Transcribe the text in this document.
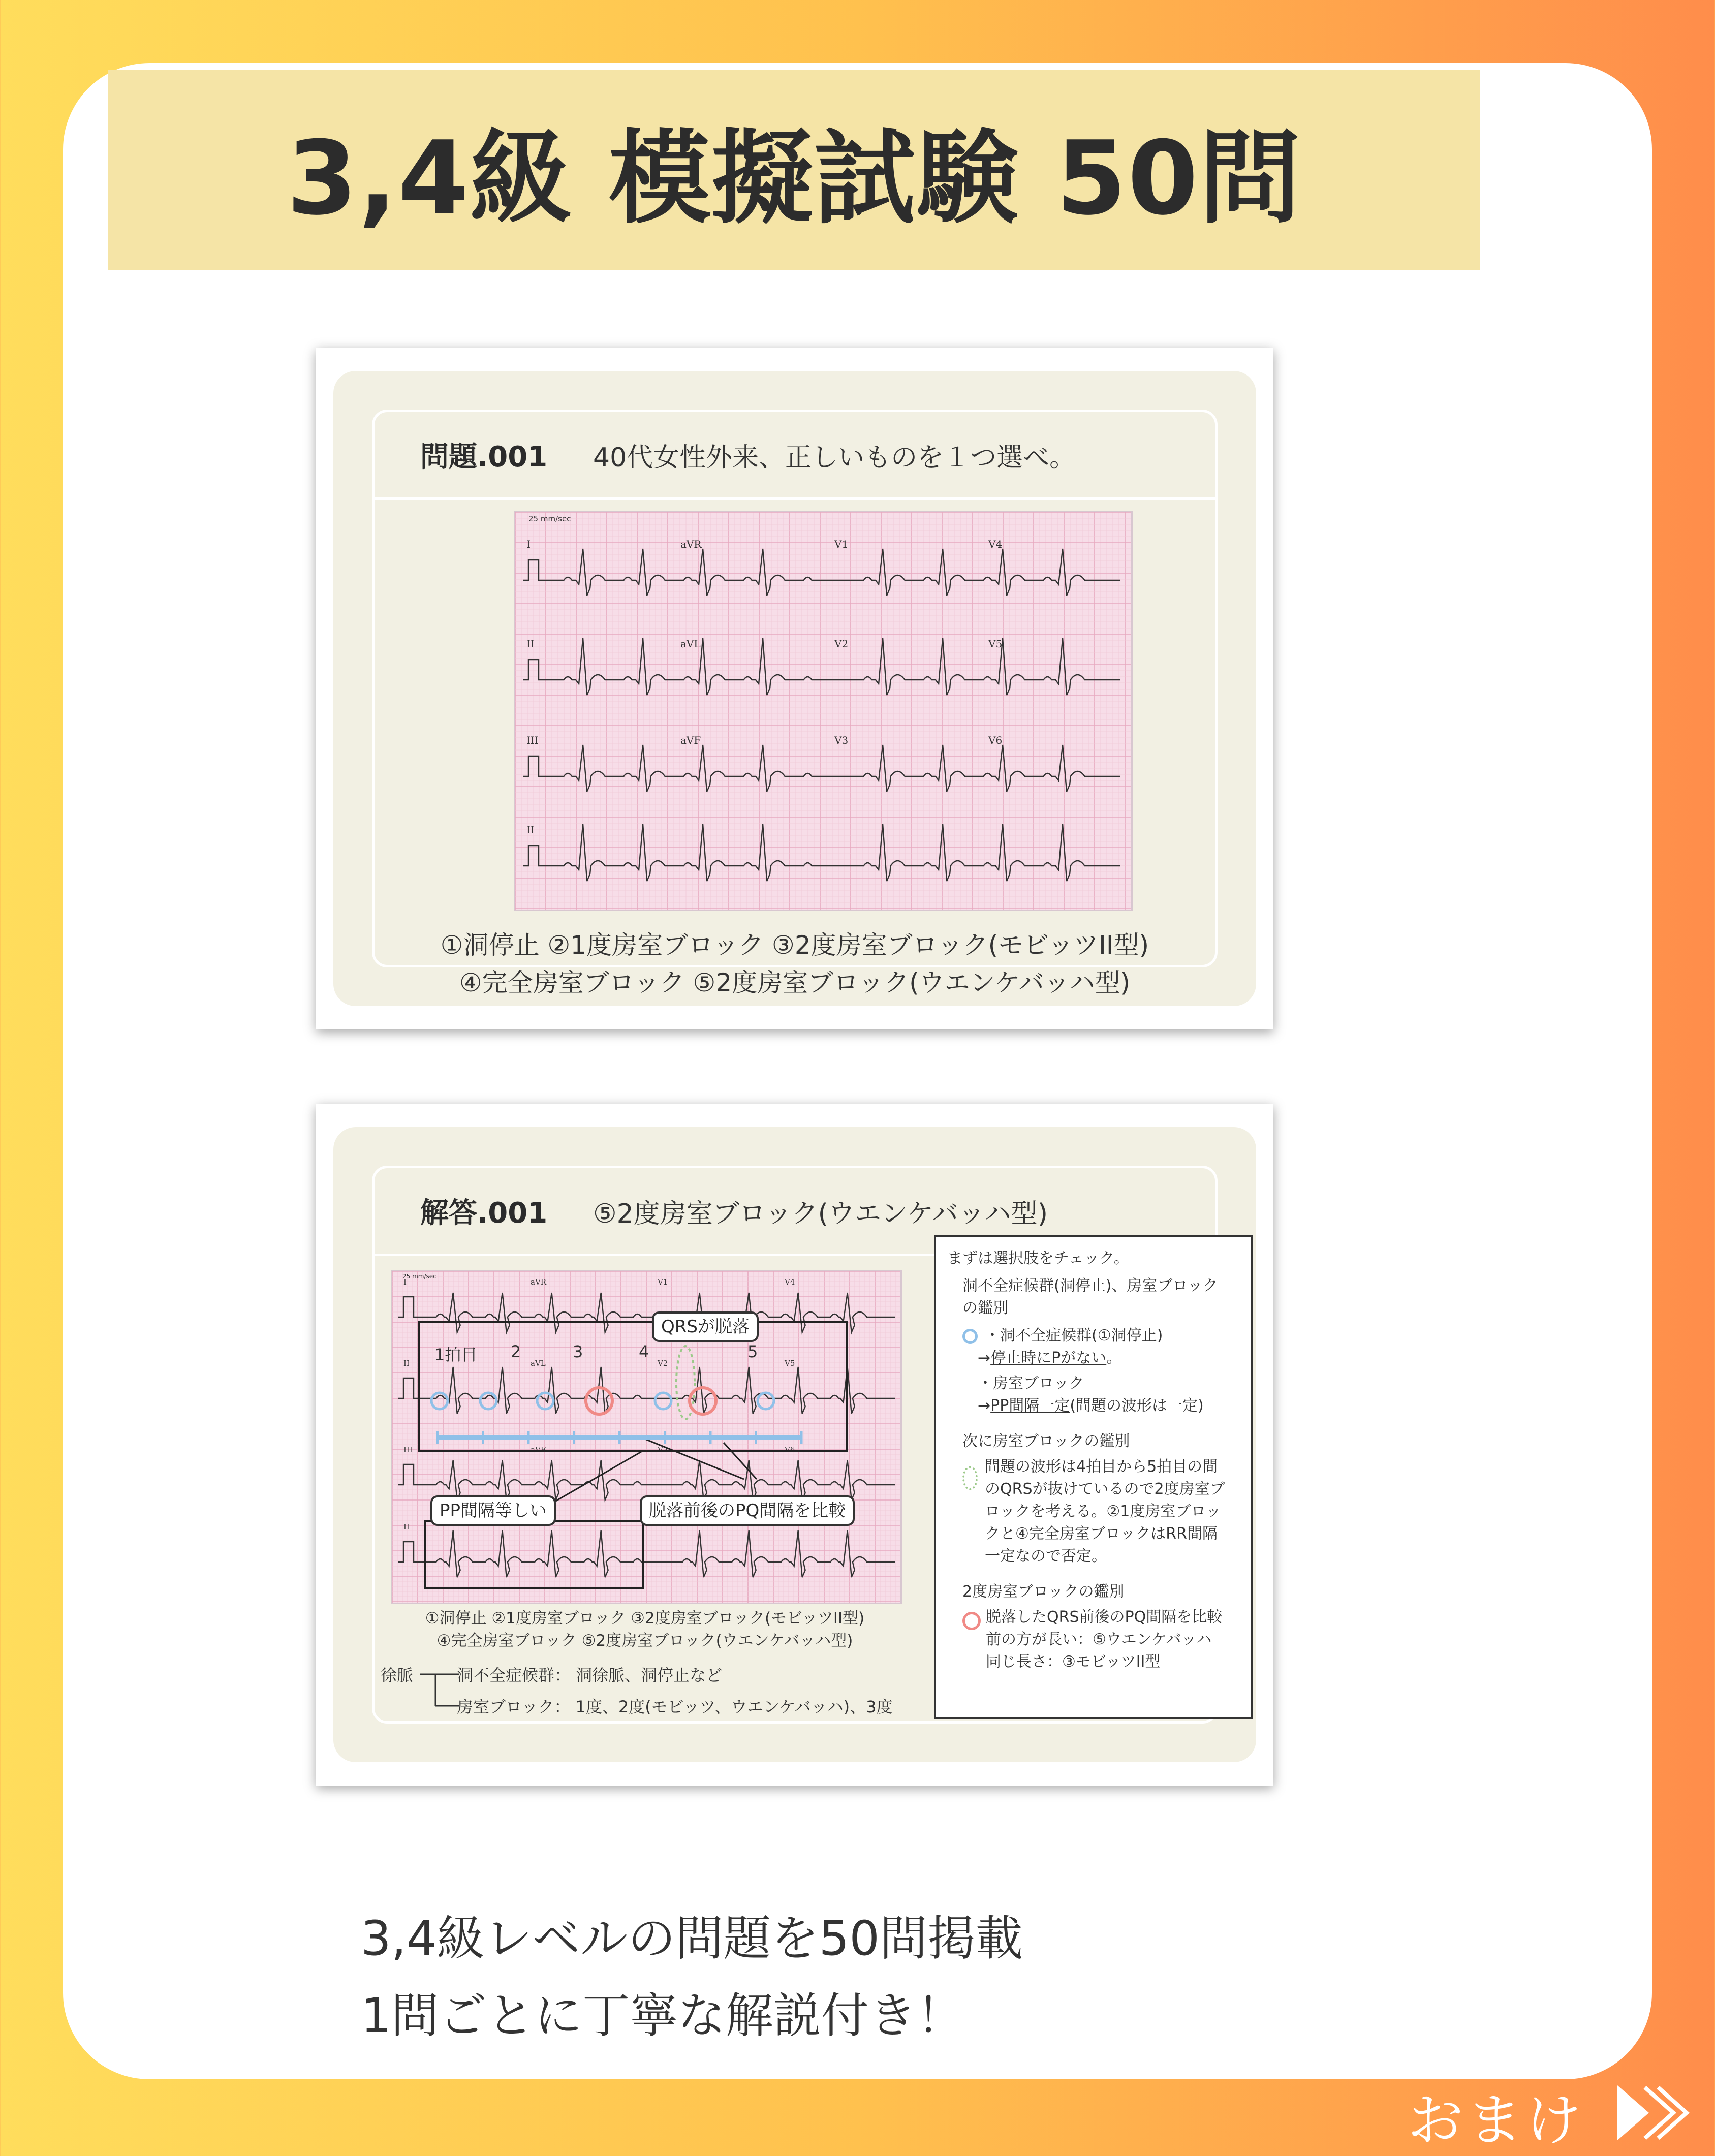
3,4級 模擬試験 50問
問題.001	40代女性外来、正しいものを１つ選べ。
I	aVR	V1	V4
II	aVL	V2	V5
III	aVF	V3	V6
II
25 mm/sec
①洞停止 ②1度房室ブロック ③2度房室ブロック(モビッツII型)
④完全房室ブロック ⑤2度房室ブロック(ウエンケバッハ型)
解答.001	⑤2度房室ブロック(ウエンケバッハ型)
I	aVR	V1	V4
II	aVL	V2	V5
III	aVF	V3	V6
II
25 mm/sec
QRSが脱落
PP間隔等しい	脱落前後のPQ間隔を比較
1拍目 2	3	4	5
①洞停止 ②1度房室ブロック ③2度房室ブロック(モビッツII型)
④完全房室ブロック ⑤2度房室ブロック(ウエンケバッハ型)
徐脈	洞不全症候群： 洞徐脈、洞停止など
房室ブロック： 1度、2度(モビッツ、ウエンケバッハ)、3度

まずは選択肢をチェック。

洞不全症候群(洞停止)、房室ブロック

の鑑別

・洞不全症候群(①洞停止)

→停止時にPがない。

・房室ブロック

→PP間隔一定(問題の波形は一定)

次に房室ブロックの鑑別

問題の波形は4拍目から5拍目の間

のQRSが抜けているので2度房室ブ

ロックを考える。②1度房室ブロッ

クと④完全房室ブロックはRR間隔

一定なので否定。

2度房室ブロックの鑑別

脱落したQRS前後のPQ間隔を比較

前の方が長い：⑤ウエンケバッハ

同じ長さ：③モビッツII型

3,4級レベルの問題を50問掲載
1問ごとに丁寧な解説付き！
おまけ
